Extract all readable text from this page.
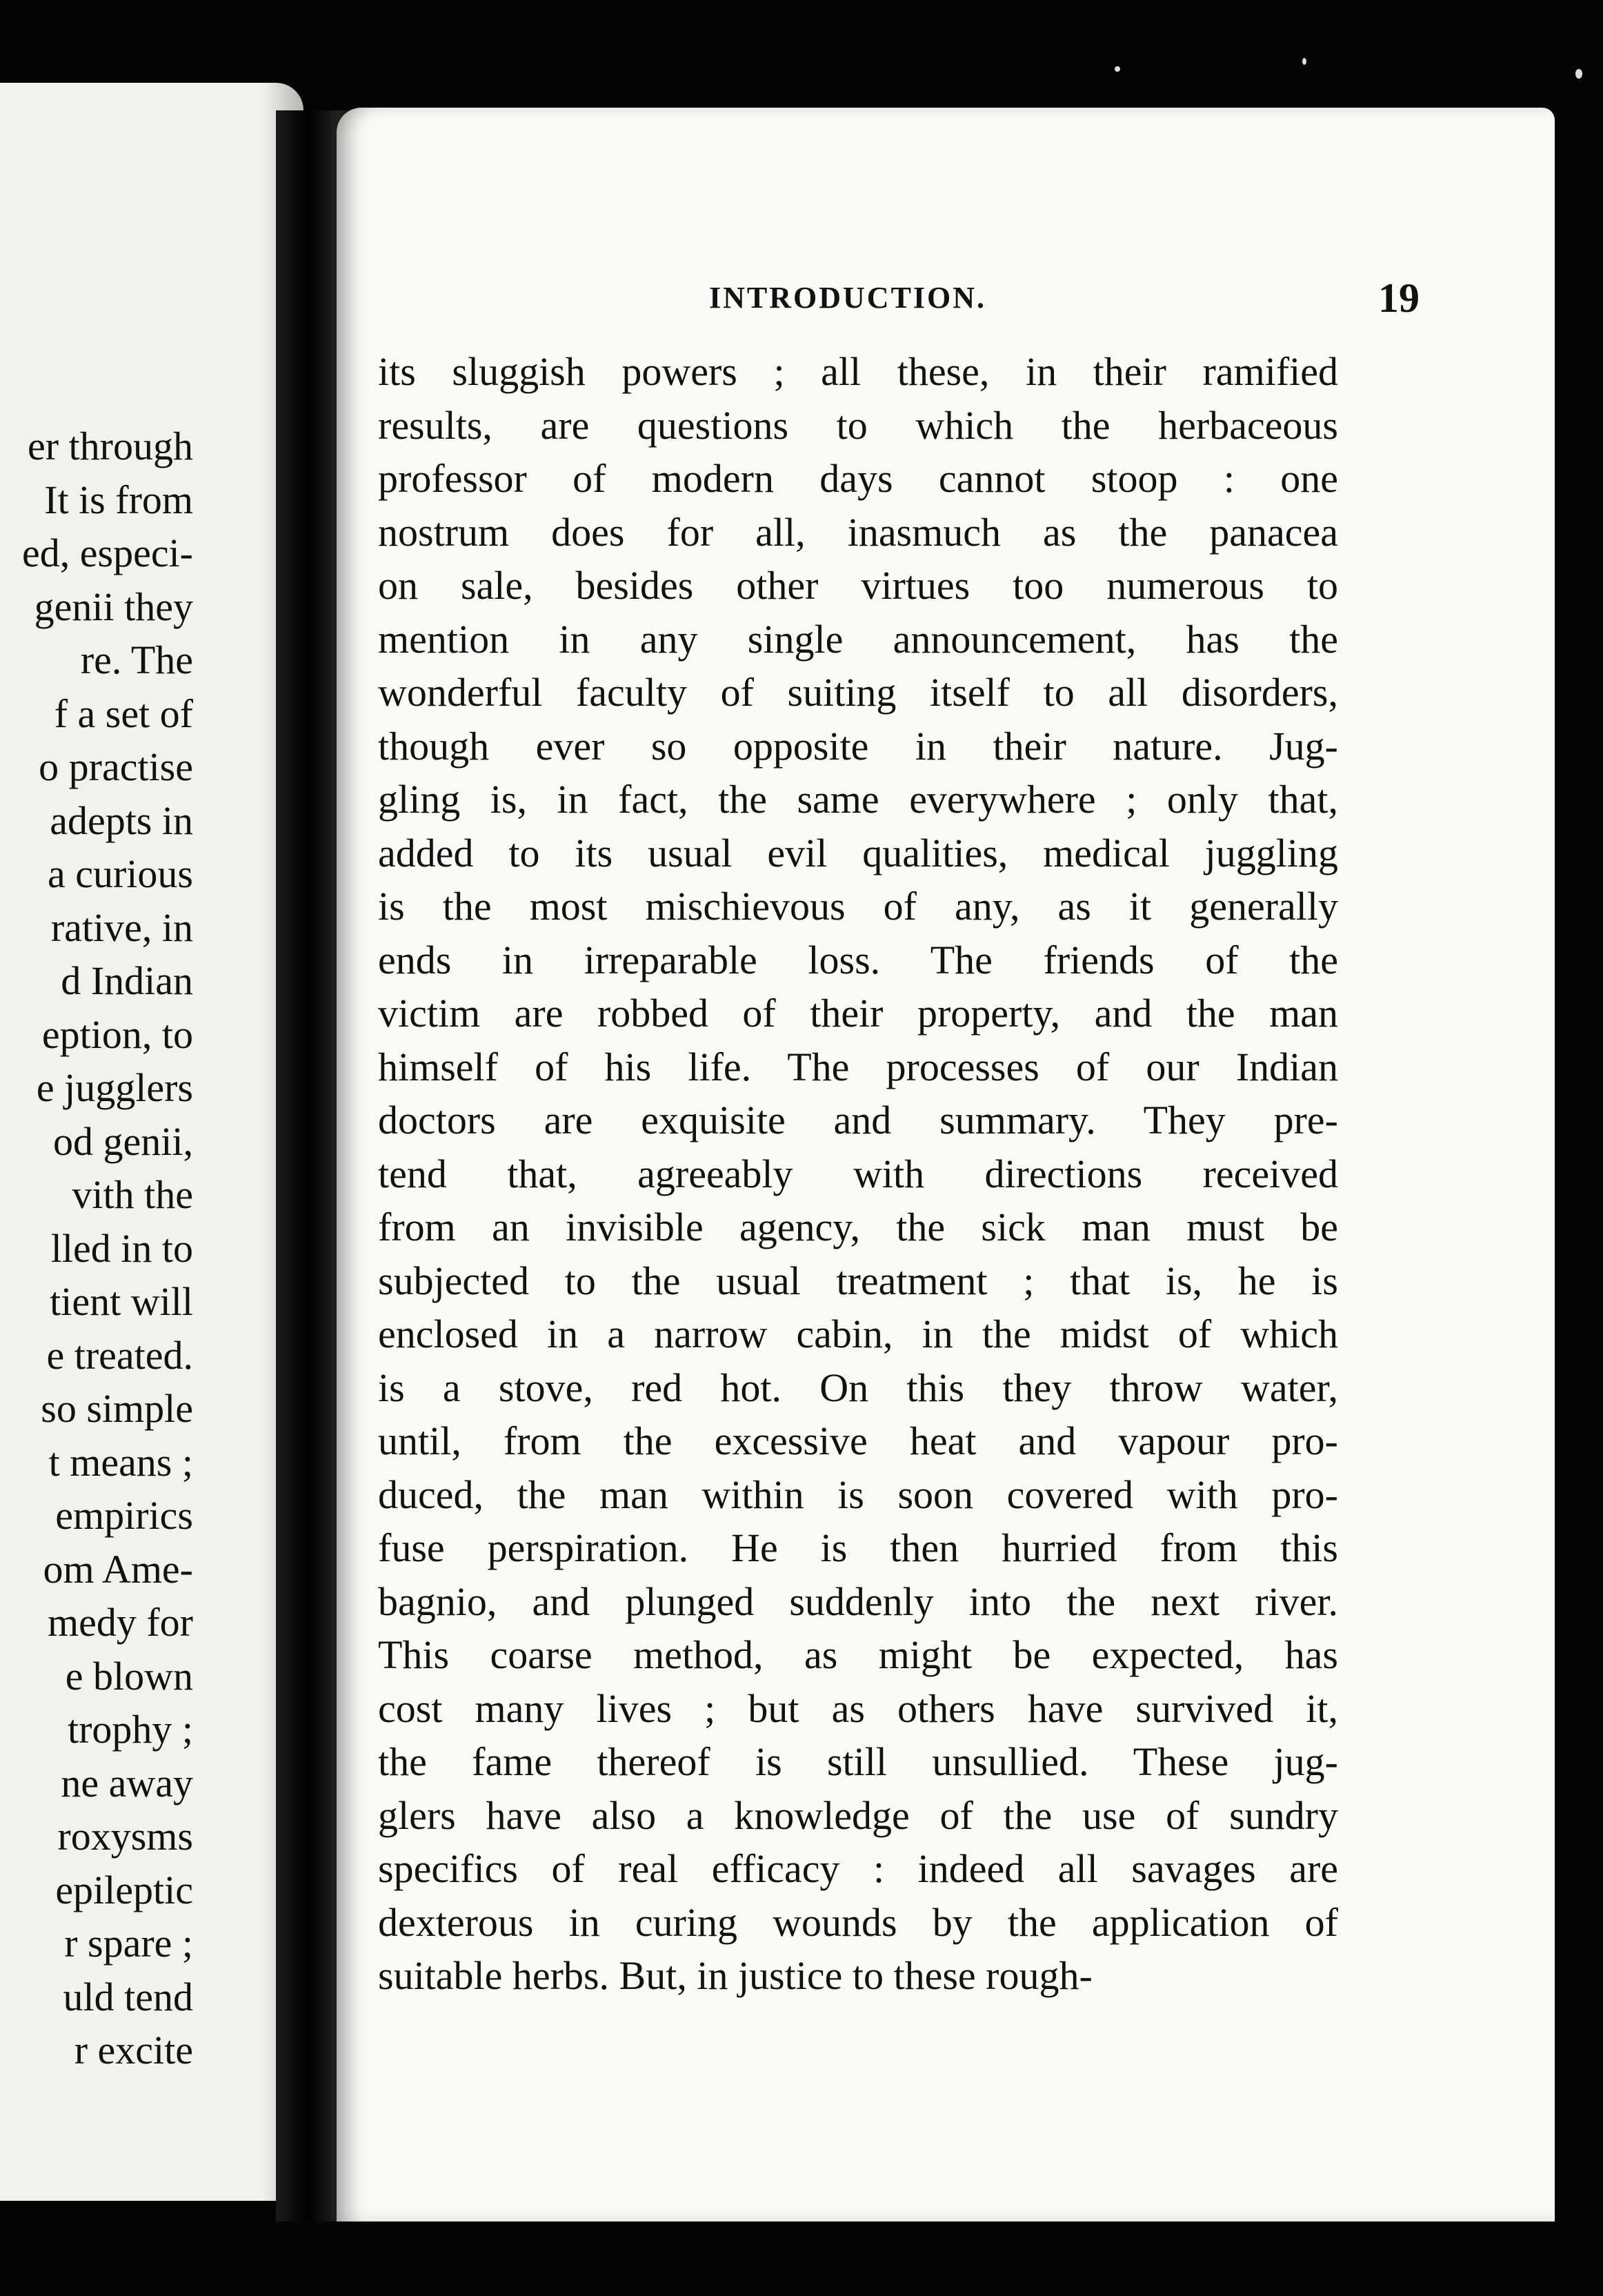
er through
It is from
ed, especi-
genii they
re. The
f a set of
o practise
adepts in
a curious
rative, in
d Indian
eption, to
e jugglers
od genii,
vith the
lled in to
tient will
e treated.
so simple
t means ;
empirics
om Ame-
medy for
e blown
trophy ;
ne away
roxysms
epileptic
r spare ;
uld tend
r excite
INTRODUCTION.	19
its sluggish powers ; all these, in their ramified
results, are questions to which the herbaceous
professor of modern days cannot stoop : one
nostrum does for all, inasmuch as the panacea
on sale, besides other virtues too numerous to
mention in any single announcement, has the
wonderful faculty of suiting itself to all disorders,
though ever so opposite in their nature. Jug-
gling is, in fact, the same everywhere ; only that,
added to its usual evil qualities, medical juggling
is the most mischievous of any, as it generally
ends in irreparable loss. The friends of the
victim are robbed of their property, and the man
himself of his life. The processes of our Indian
doctors are exquisite and summary. They pre-
tend that, agreeably with directions received
from an invisible agency, the sick man must be
subjected to the usual treatment ; that is, he is
enclosed in a narrow cabin, in the midst of which
is a stove, red hot. On this they throw water,
until, from the excessive heat and vapour pro-
duced, the man within is soon covered with pro-
fuse perspiration. He is then hurried from this
bagnio, and plunged suddenly into the next river.
This coarse method, as might be expected, has
cost many lives ; but as others have survived it,
the fame thereof is still unsullied. These jug-
glers have also a knowledge of the use of sundry
specifics of real efficacy : indeed all savages are
dexterous in curing wounds by the application of
suitable herbs. But, in justice to these rough-
